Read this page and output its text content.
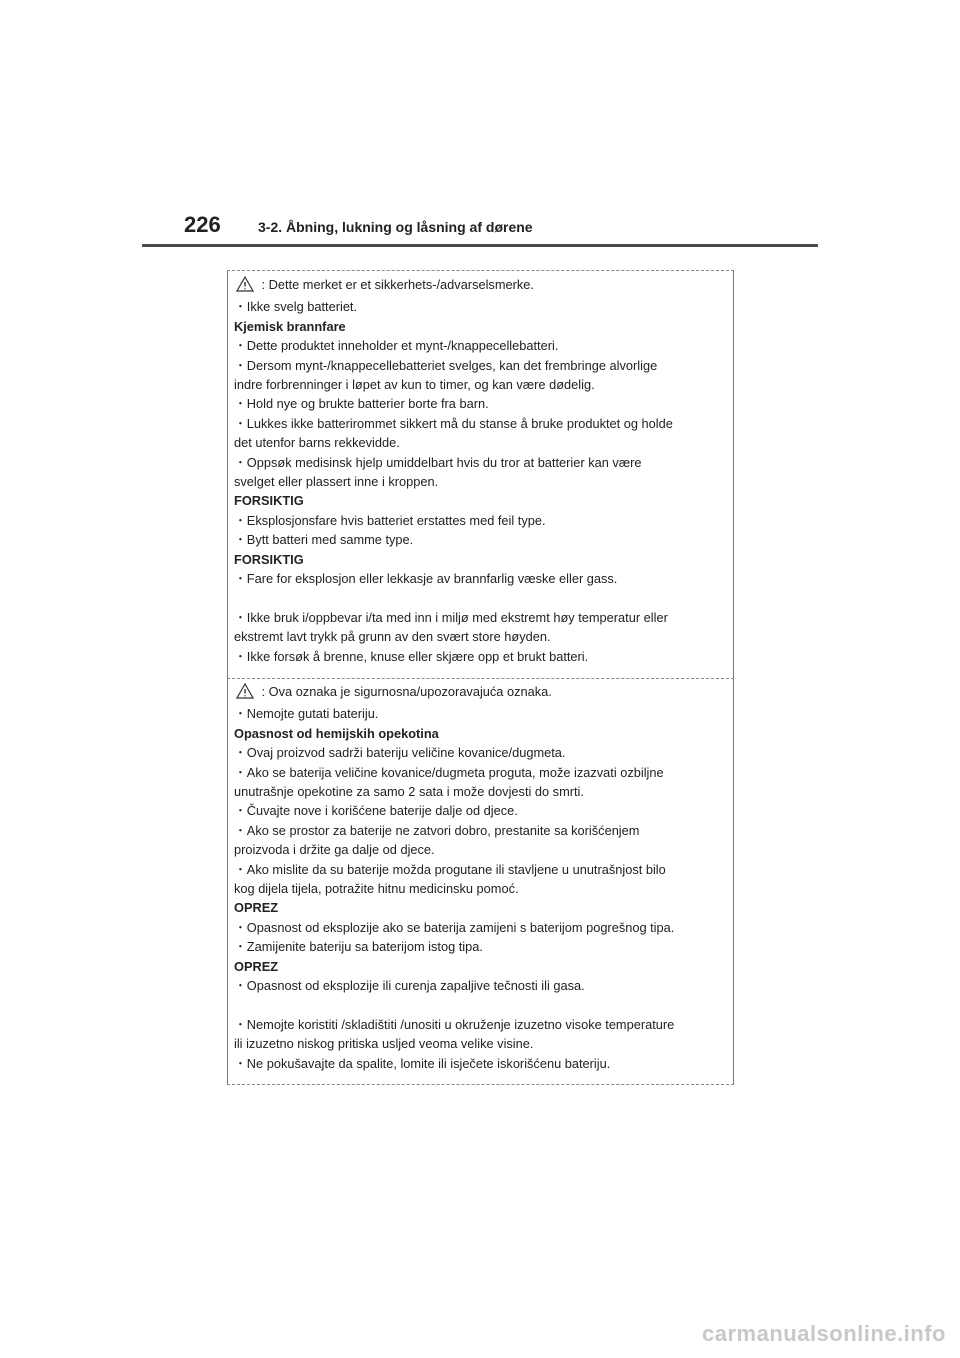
226	3-2. Åbning, lukning og låsning af dørene
: Dette merket er et sikkerhets-/advarselsmerke.
・Ikke svelg batteriet.
Kjemisk brannfare
・Dette produktet inneholder et mynt-/knappecellebatteri.
・Dersom mynt-/knappecellebatteriet svelges, kan det frembringe alvorlige
indre forbrenninger i løpet av kun to timer, og kan være dødelig.
・Hold nye og brukte batterier borte fra barn.
・Lukkes ikke batterirommet sikkert må du stanse å bruke produktet og holde
det utenfor barns rekkevidde.
・Oppsøk medisinsk hjelp umiddelbart hvis du tror at batterier kan være
svelget eller plassert inne i kroppen.
FORSIKTIG
・Eksplosjonsfare hvis batteriet erstattes med feil type.
・Bytt batteri med samme type.
FORSIKTIG
・Fare for eksplosjon eller lekkasje av brannfarlig væske eller gass.
・Ikke bruk i/oppbevar i/ta med inn i miljø med ekstremt høy temperatur eller
ekstremt lavt trykk på grunn av den svært store høyden.
・Ikke forsøk å brenne, knuse eller skjære opp et brukt batteri.
: Ova oznaka je sigurnosna/upozoravajuća oznaka.
・Nemojte gutati bateriju.
Opasnost od hemijskih opekotina
・Ovaj proizvod sadrži bateriju veličine kovanice/dugmeta.
・Ako se baterija veličine kovanice/dugmeta proguta, može izazvati ozbiljne
unutrašnje opekotine za samo 2 sata i može dovjesti do smrti.
・Čuvajte nove i korišćene baterije dalje od djece.
・Ako se prostor za baterije ne zatvori dobro, prestanite sa korišćenjem
proizvoda i držite ga dalje od djece.
・Ako mislite da su baterije možda progutane ili stavljene u unutrašnjost bilo
kog dijela tijela, potražite hitnu medicinsku pomoć.
OPREZ
・Opasnost od eksplozije ako se baterija zamijeni s baterijom pogrešnog tipa.
・Zamijenite bateriju sa baterijom istog tipa.
OPREZ
・Opasnost od eksplozije ili curenja zapaljive tečnosti ili gasa.
・Nemojte koristiti /skladištiti /unositi u okruženje izuzetno visoke temperature
ili izuzetno niskog pritiska usljed veoma velike visine.
・Ne pokušavajte da spalite, lomite ili isječete iskorišćenu bateriju.
carmanualsonline.info
